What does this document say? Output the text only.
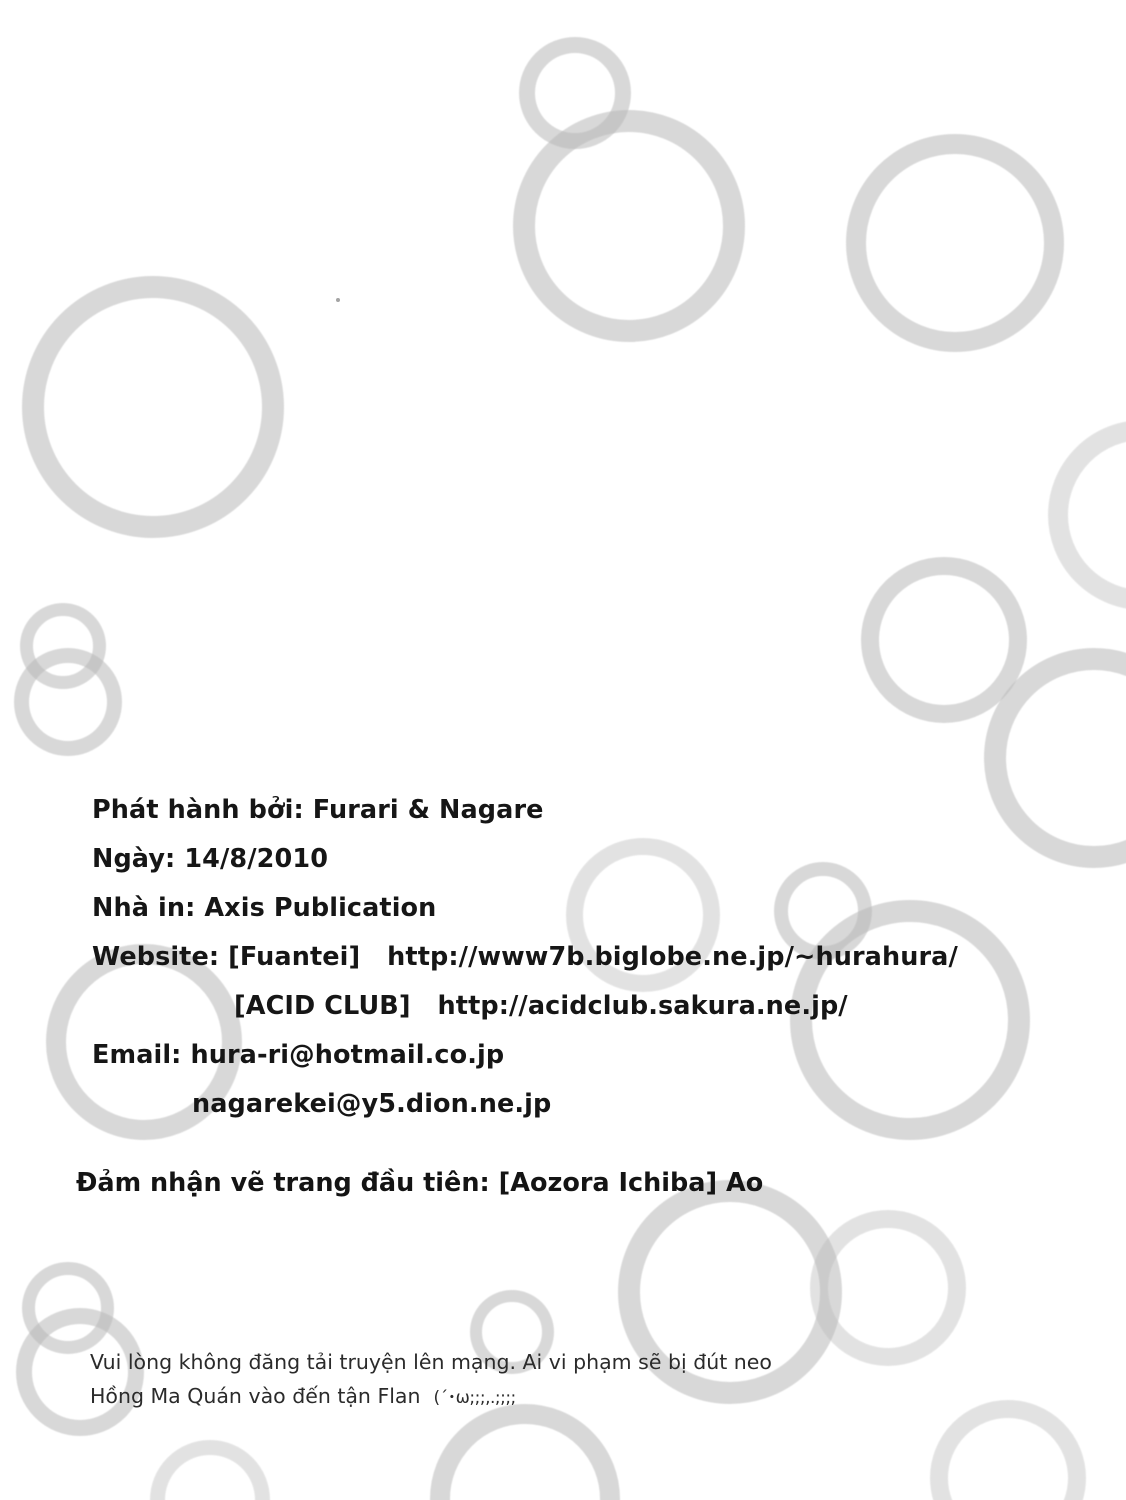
Phát hành bởi: Furari & Nagare
Ngày: 14/8/2010
Nhà in: Axis Publication
Website: [Fuantei]   http://www7b.biglobe.ne.jp/~hurahura/
[ACID CLUB]   http://acidclub.sakura.ne.jp/
Email: hura-ri@hotmail.co.jp
nagarekei@y5.dion.ne.jp
Đảm nhận vẽ trang đầu tiên: [Aozora Ichiba] Ao
Vui lòng không đăng tải truyện lên mạng. Ai vi phạm sẽ bị đút neo
Hồng Ma Quán vào đến tận Flan  (´･ω;;;,.;;;;
